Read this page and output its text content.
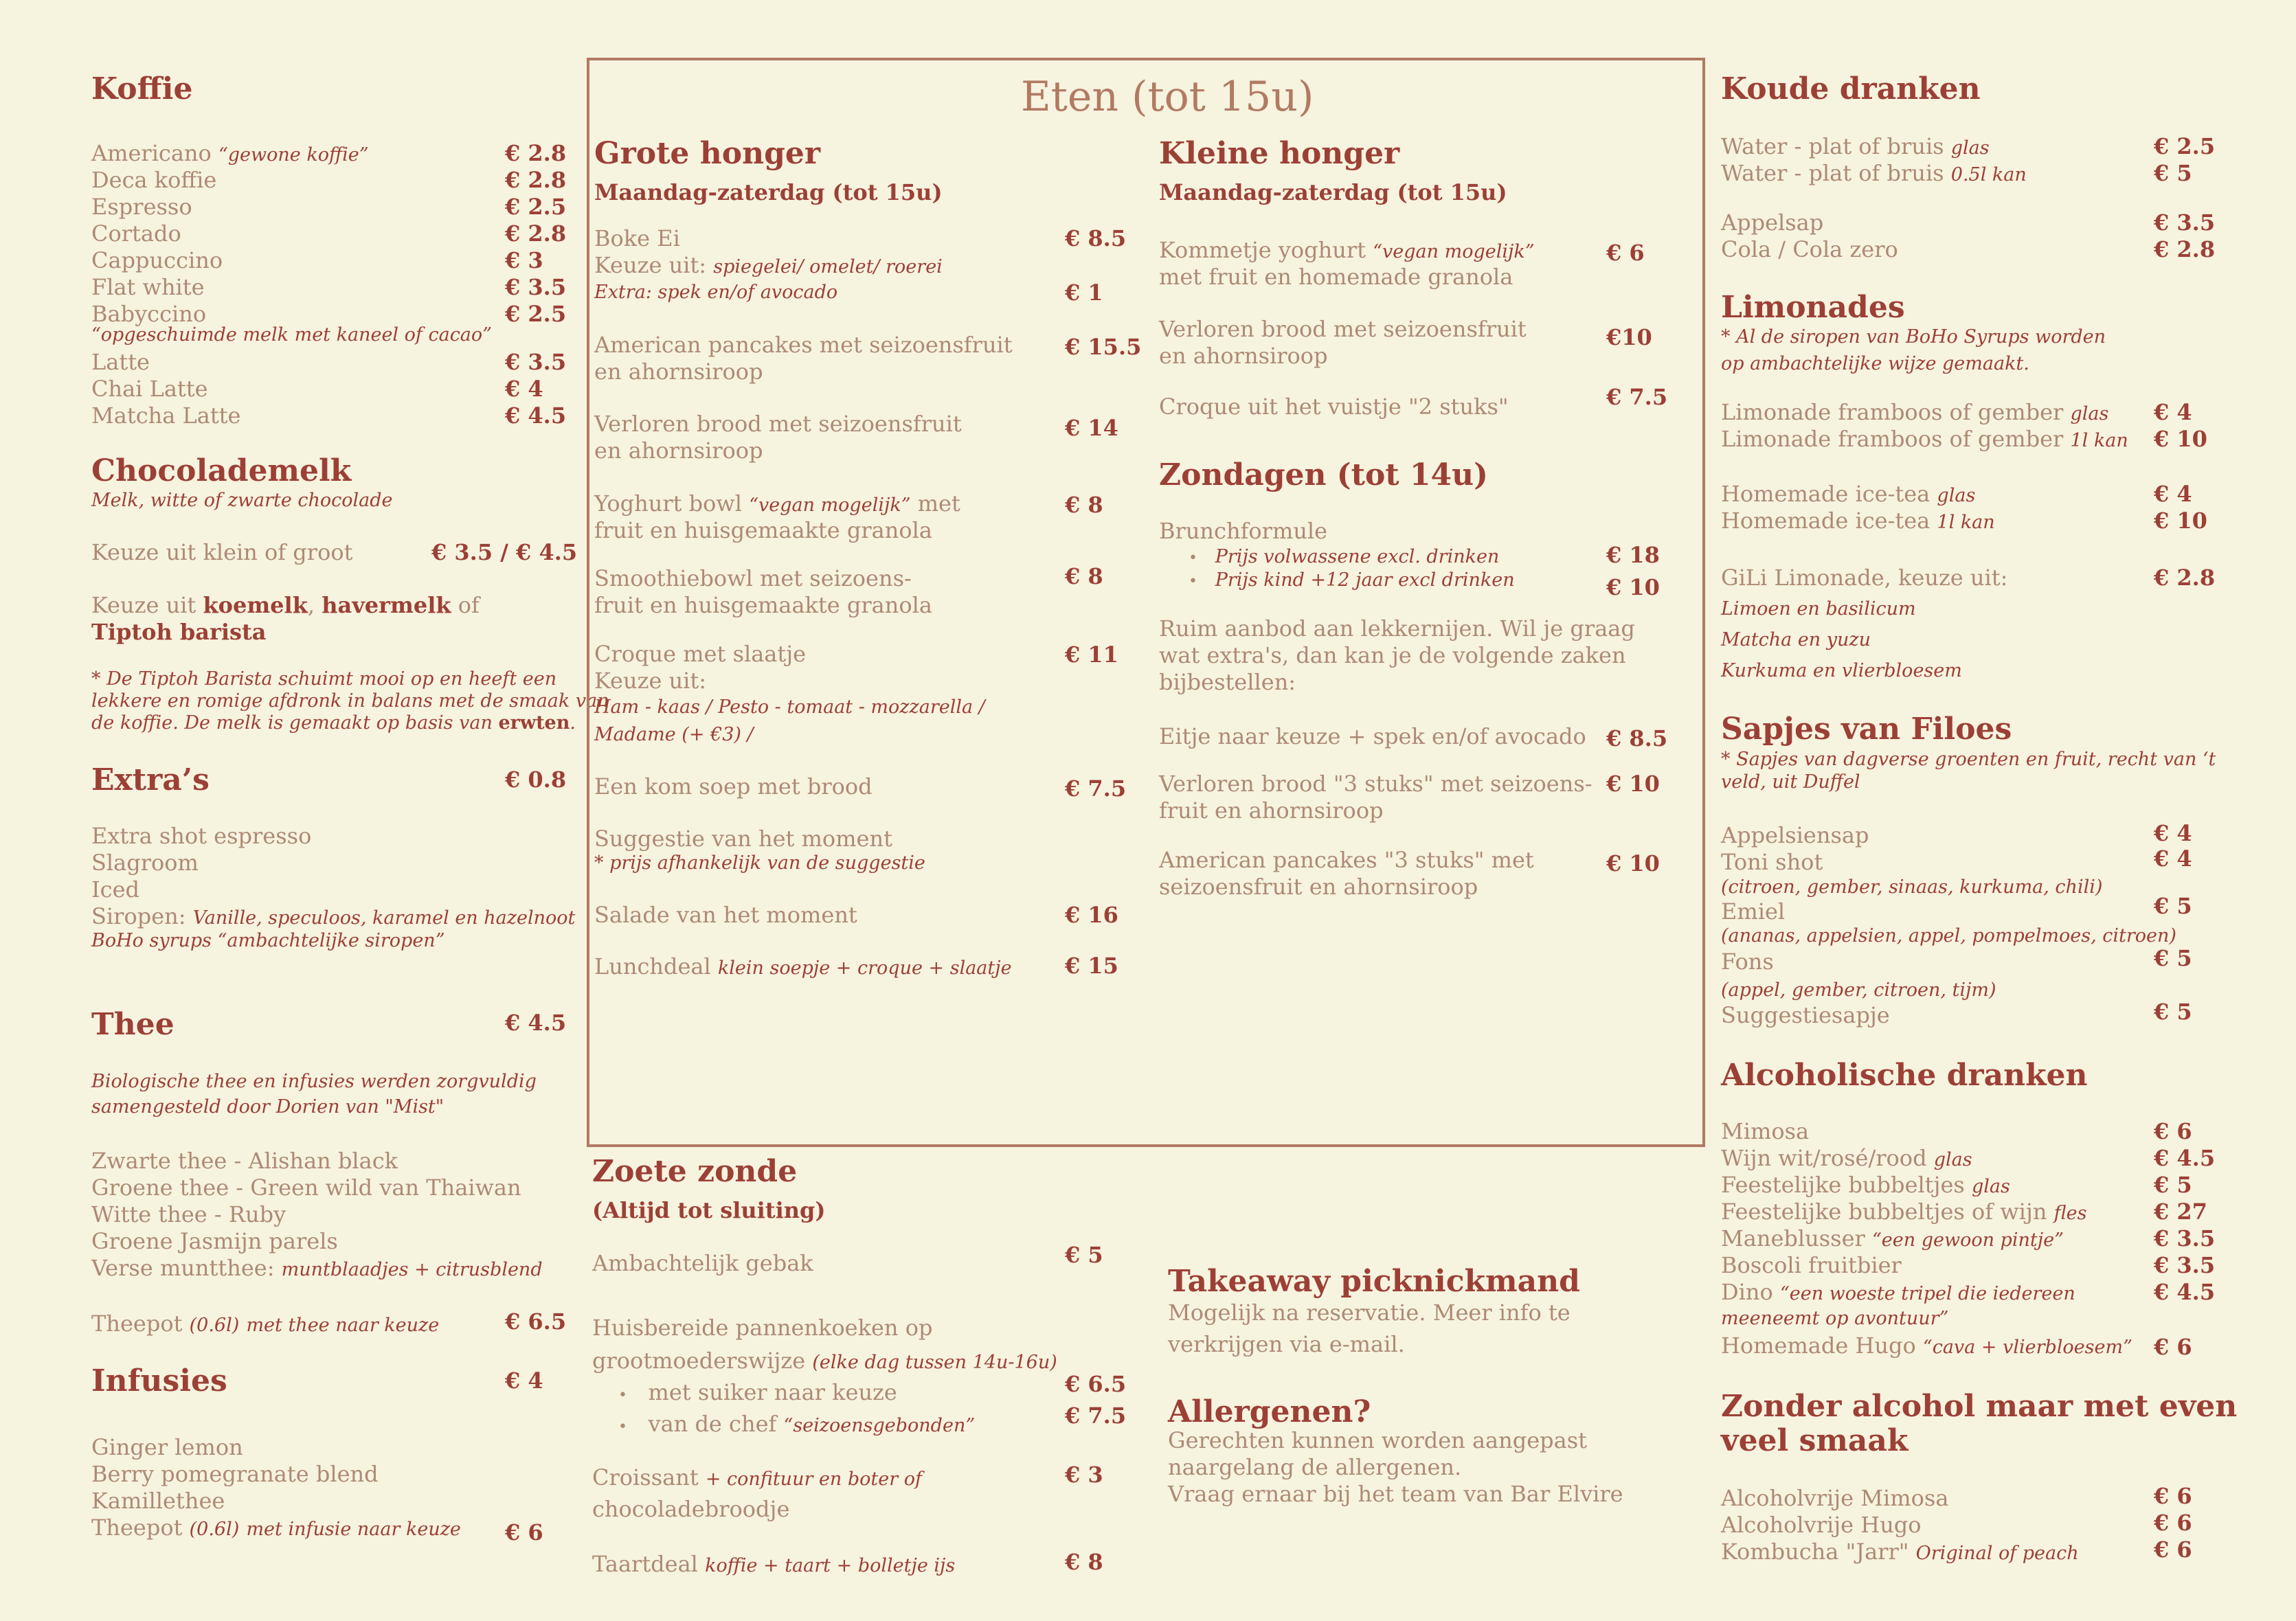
Koffie
Americano “gewone koffie”	€ 2.8
Deca koffie	€ 2.8
Espresso	€ 2.5
Cortado	€ 2.8
Cappuccino	€ 3
Flat white	€ 3.5
Babyccino	€ 2.5
“opgeschuimde melk met kaneel of cacao”
Latte	€ 3.5
Chai Latte	€ 4
Matcha Latte	€ 4.5
Chocolademelk
Melk, witte of zwarte chocolade
Keuze uit klein of groot	€ 3.5 / € 4.5
Keuze uit koemelk, havermelk of
Tiptoh barista
* De Tiptoh Barista schuimt mooi op en heeft een
lekkere en romige afdronk in balans met de smaak van
de koffie. De melk is gemaakt op basis van erwten.
Extra’s	€ 0.8
Extra shot espresso
Slagroom
Iced
Siropen: Vanille, speculoos, karamel en hazelnoot
BoHo syrups “ambachtelijke siropen”
Thee	€ 4.5
Biologische thee en infusies werden zorgvuldig
samengesteld door Dorien van "Mist"
Zwarte thee - Alishan black
Groene thee - Green wild van Thaiwan
Witte thee - Ruby
Groene Jasmijn parels
Verse muntthee: muntblaadjes + citrusblend
Theepot (0.6l) met thee naar keuze	€ 6.5
Infusies	€ 4
Ginger lemon
Berry pomegranate blend
Kamillethee
Theepot (0.6l) met infusie naar keuze € 6
Eten (tot 15u)
Grote honger
Maandag-zaterdag (tot 15u)
Boke Ei	€ 8.5
Keuze uit: spiegelei/ omelet/ roerei
Extra: spek en/of avocado	€ 1
American pancakes met seizoensfruit
en ahornsiroop
€ 15.5
Verloren brood met seizoensfruit
en ahornsiroop
€ 14
Yoghurt bowl “vegan mogelijk” met
fruit en huisgemaakte granola
€ 8
Smoothiebowl met seizoens-
fruit en huisgemaakte granola
€ 8
Croque met slaatje
Keuze uit:
Ham - kaas / Pesto - tomaat - mozzarella /
Madame (+ €3) /
€ 11
Een kom soep met brood	€ 7.5
Suggestie van het moment
* prijs afhankelijk van de suggestie
Salade van het moment	€ 16
Lunchdeal klein soepje + croque + slaatje € 15
Kleine honger
Maandag-zaterdag (tot 15u)
Kommetje yoghurt “vegan mogelijk”
met fruit en homemade granola
€ 6
Verloren brood met seizoensfruit
en ahornsiroop
€10
Croque uit het vuistje "2 stuks"	€ 7.5
Zondagen (tot 14u)
Brunchformule
• Prijs volwassene excl. drinken	€ 18
• Prijs kind +12 jaar excl drinken	€ 10
Ruim aanbod aan lekkernijen. Wil je graag
wat extra's, dan kan je de volgende zaken
bijbestellen:
Eitje naar keuze + spek en/of avocado € 8.5
Verloren brood "3 stuks" met seizoens-
fruit en ahornsiroop
€ 10
American pancakes "3 stuks" met
seizoensfruit en ahornsiroop
€ 10
Zoete zonde
(Altijd tot sluiting)
Ambachtelijk gebak	€ 5
Huisbereide pannenkoeken op
grootmoederswijze (elke dag tussen 14u-16u)
• met suiker naar keuze	€ 6.5
• van de chef “seizoensgebonden”	€ 7.5
Croissant + confituur en boter of
chocoladebroodje
€ 3
Taartdeal koffie + taart + bolletje ijs	€ 8
Takeaway picknickmand
Mogelijk na reservatie. Meer info te
verkrijgen via e-mail.
Allergenen?
Gerechten kunnen worden aangepast
naargelang de allergenen.
Vraag ernaar bij het team van Bar Elvire
Koude dranken
Water - plat of bruis glas	€ 2.5
Water - plat of bruis 0.5l kan	€ 5
Appelsap	€ 3.5
Cola / Cola zero	€ 2.8
Limonades
* Al de siropen van BoHo Syrups worden
op ambachtelijke wijze gemaakt.
Limonade framboos of gember glas € 4
Limonade framboos of gember 1l kan € 10
Homemade ice-tea glas	€ 4
Homemade ice-tea 1l kan	€ 10
GiLi Limonade, keuze uit:	€ 2.8
Limoen en basilicum
Matcha en yuzu
Kurkuma en vlierbloesem
Sapjes van Filoes
* Sapjes van dagverse groenten en fruit, recht van ‘t
veld, uit Duffel
Appelsiensap	€ 4
Toni shot	€ 4
(citroen, gember, sinaas, kurkuma, chili)
Emiel	€ 5
(ananas, appelsien, appel, pompelmoes, citroen)
Fons	€ 5
(appel, gember, citroen, tijm)
Suggestiesapje	€ 5
Alcoholische dranken
Mimosa	€ 6
Wijn wit/rosé/rood glas	€ 4.5
Feestelijke bubbeltjes glas	€ 5
Feestelijke bubbeltjes of wijn fles	€ 27
Maneblusser “een gewoon pintje”	€ 3.5
Boscoli fruitbier	€ 3.5
Dino “een woeste tripel die iedereen	€ 4.5
meeneemt op avontuur”
Homemade Hugo “cava + vlierbloesem” € 6
Zonder alcohol maar met even
veel smaak
Alcoholvrije Mimosa	€ 6
Alcoholvrije Hugo	€ 6
Kombucha "Jarr" Original of peach	€ 6
